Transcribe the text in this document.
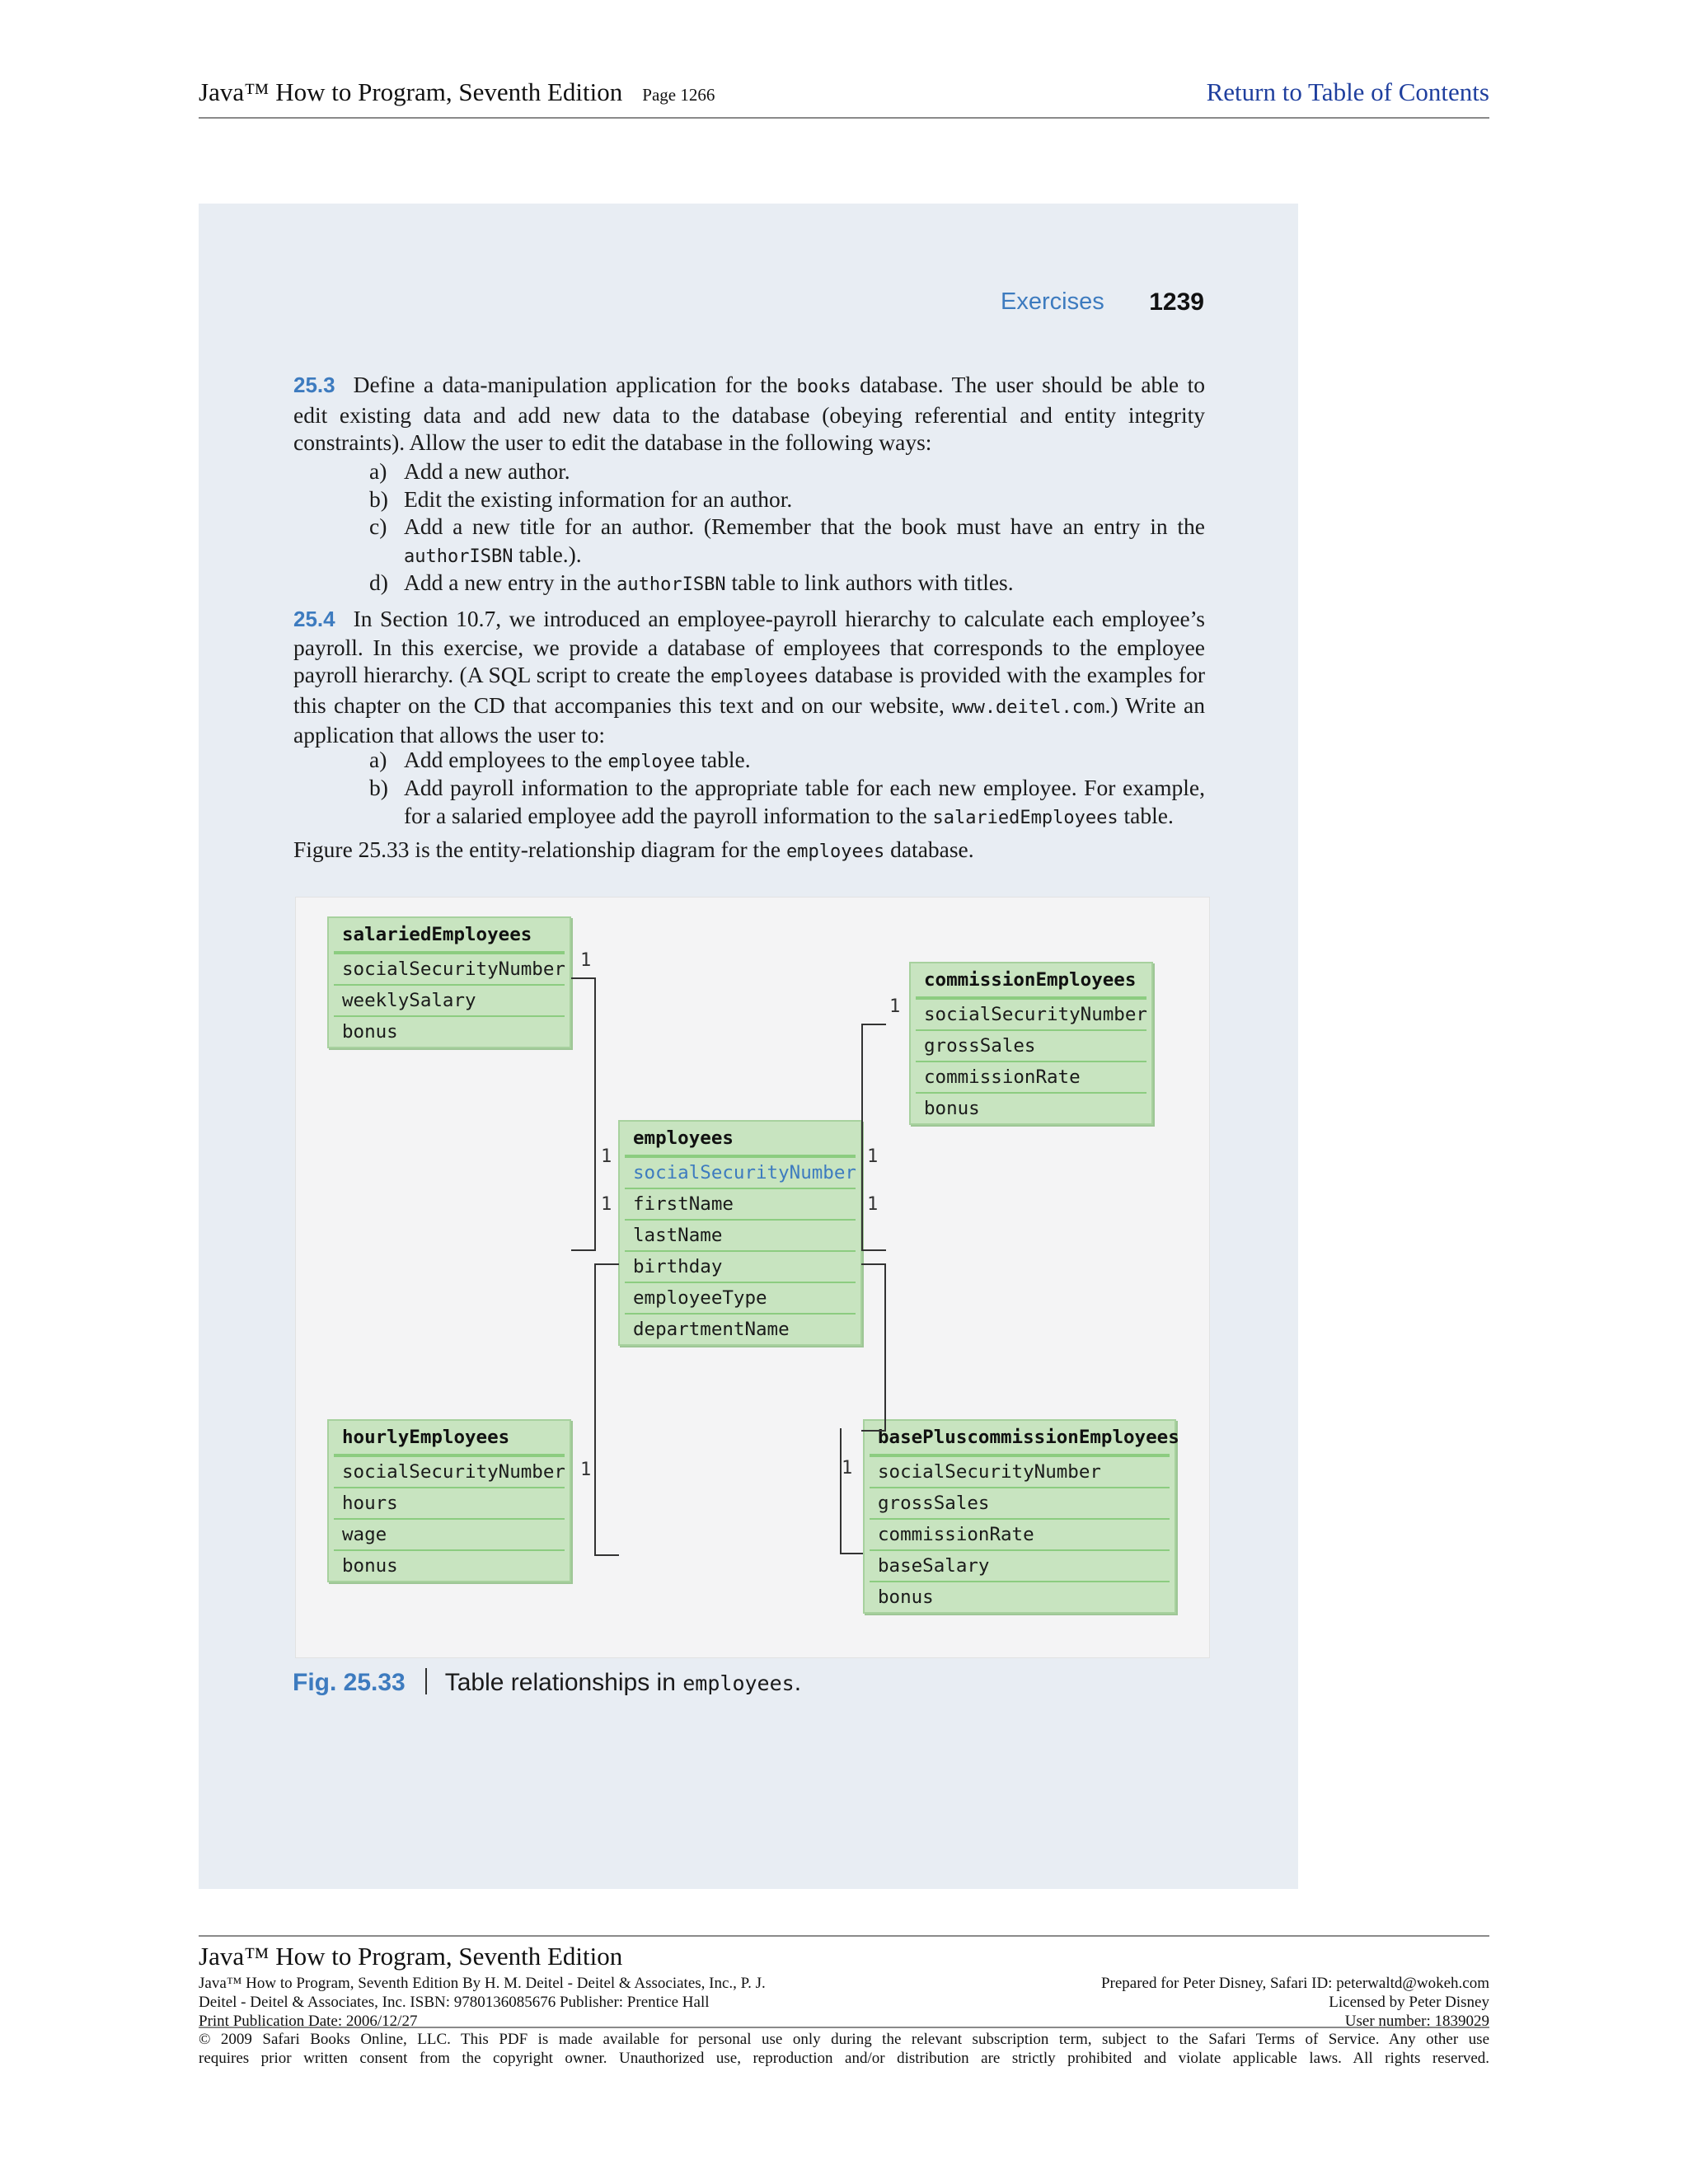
Java™ How to Program, Seventh Edition Page 1266	Return to Table of Contents
Exercises 1239
25.3 Define a data-manipulation application for the books database. The user should be able to edit existing data and add new data to the database (obeying referential and entity integrity constraints). Allow the user to edit the database in the following ways:
a) Add a new author.
b) Edit the existing information for an author.
c) Add a new title for an author. (Remember that the book must have an entry in the authorISBN table.).
d) Add a new entry in the authorISBN table to link authors with titles.
25.4 In Section 10.7, we introduced an employee-payroll hierarchy to calculate each employee’s payroll. In this exercise, we provide a database of employees that corresponds to the employee payroll hierarchy. (A SQL script to create the employees database is provided with the examples for this chapter on the CD that accompanies this text and on our website, www.deitel.com.) Write an application that allows the user to:
a) Add employees to the employee table.
b) Add payroll information to the appropriate table for each new employee. For example, for a salaried employee add the payroll information to the salariedEmployees table.
Figure 25.33 is the entity-relationship diagram for the employees database.
salariedEmployees
socialSecurityNumber
weeklySalary
bonus
commissionEmployees
socialSecurityNumber
grossSales
commissionRate
bonus
employees
socialSecurityNumber
firstName
lastName
birthday
employeeType
departmentName
hourlyEmployees
socialSecurityNumber
hours
wage
bonus
basePluscommissionEmployees
socialSecurityNumber
grossSales
commissionRate
baseSalary
bonus
1
1
1
1
1
1
1
1
Fig. 25.33 Table relationships in employees.
Java™ How to Program, Seventh Edition
Java™ How to Program, Seventh Edition By H. M. Deitel - Deitel & Associates, Inc., P. J.
Deitel - Deitel & Associates, Inc. ISBN: 9780136085676 Publisher: Prentice Hall
Print Publication Date: 2006/12/27
Prepared for Peter Disney, Safari ID: peterwaltd@wokeh.com
Licensed by Peter Disney
User number: 1839029
© 2009 Safari Books Online, LLC. This PDF is made available for personal use only during the relevant subscription term, subject to the Safari Terms of Service. Any other use
requires prior written consent from the copyright owner. Unauthorized use, reproduction and/or distribution are strictly prohibited and violate applicable laws. All rights reserved.
